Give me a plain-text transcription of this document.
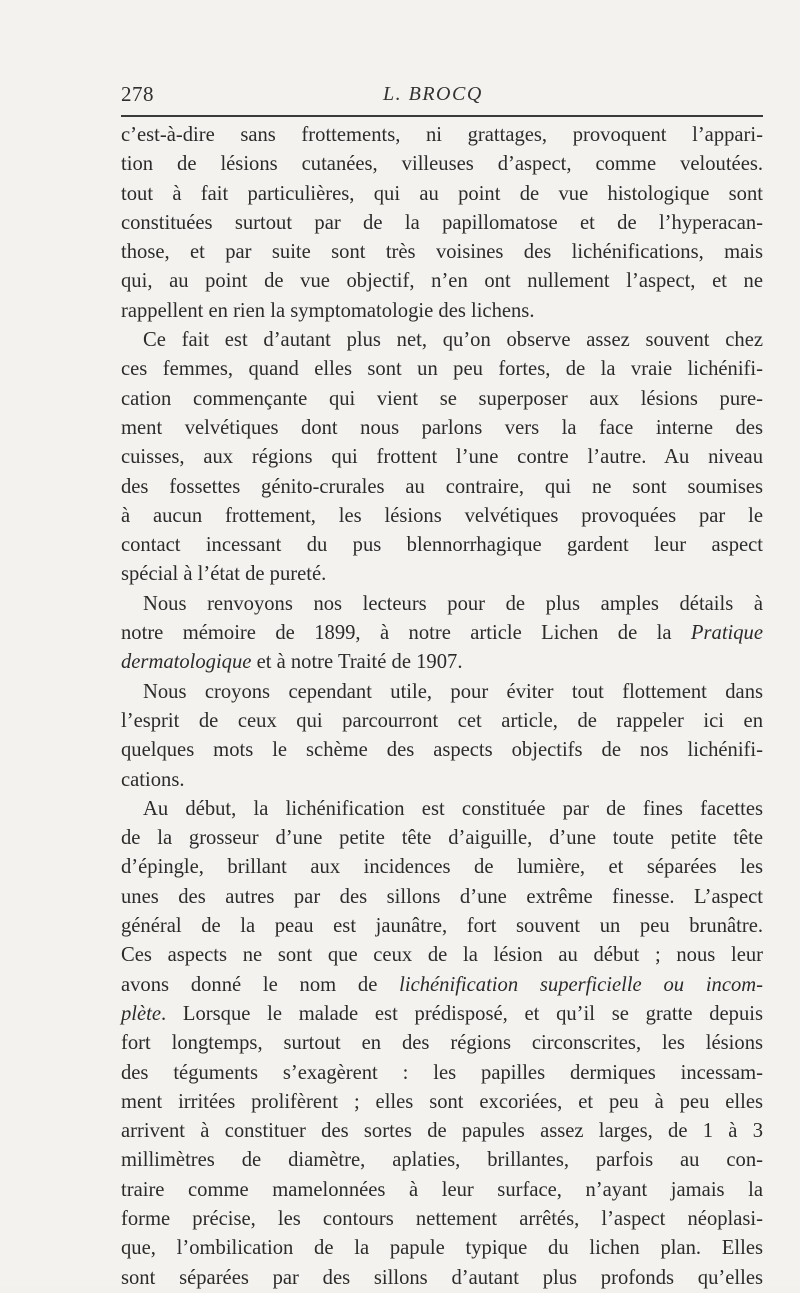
278	L. BROCQ
c’est-à-dire sans frottements, ni grattages, provoquent l’appari-
tion de lésions cutanées, villeuses d’aspect, comme veloutées.
tout à fait particulières, qui au point de vue histologique sont
constituées surtout par de la papillomatose et de l’hyperacan-
those, et par suite sont très voisines des lichénifications, mais
qui, au point de vue objectif, n’en ont nullement l’aspect, et ne
rappellent en rien la symptomatologie des lichens.
Ce fait est d’autant plus net, qu’on observe assez souvent chez
ces femmes, quand elles sont un peu fortes, de la vraie lichénifi-
cation commençante qui vient se superposer aux lésions pure-
ment velvétiques dont nous parlons vers la face interne des
cuisses, aux régions qui frottent l’une contre l’autre. Au niveau
des fossettes génito-crurales au contraire, qui ne sont soumises
à aucun frottement, les lésions velvétiques provoquées par le
contact incessant du pus blennorrhagique gardent leur aspect
spécial à l’état de pureté.
Nous renvoyons nos lecteurs pour de plus amples détails à
notre mémoire de 1899, à notre article Lichen de la Pratique
dermatologique et à notre Traité de 1907.
Nous croyons cependant utile, pour éviter tout flottement dans
l’esprit de ceux qui parcourront cet article, de rappeler ici en
quelques mots le schème des aspects objectifs de nos lichénifi-
cations.
Au début, la lichénification est constituée par de fines facettes
de la grosseur d’une petite tête d’aiguille, d’une toute petite tête
d’épingle, brillant aux incidences de lumière, et séparées les
unes des autres par des sillons d’une extrême finesse. L’aspect
général de la peau est jaunâtre, fort souvent un peu brunâtre.
Ces aspects ne sont que ceux de la lésion au début ; nous leur
avons donné le nom de lichénification superficielle ou incom-
plète. Lorsque le malade est prédisposé, et qu’il se gratte depuis
fort longtemps, surtout en des régions circonscrites, les lésions
des téguments s’exagèrent : les papilles dermiques incessam-
ment irritées prolifèrent ; elles sont excoriées, et peu à peu elles
arrivent à constituer des sortes de papules assez larges, de 1 à 3
millimètres de diamètre, aplaties, brillantes, parfois au con-
traire comme mamelonnées à leur surface, n’ayant jamais la
forme précise, les contours nettement arrêtés, l’aspect néoplasi-
que, l’ombilication de la papule typique du lichen plan. Elles
sont séparées par des sillons d’autant plus profonds qu’elles
